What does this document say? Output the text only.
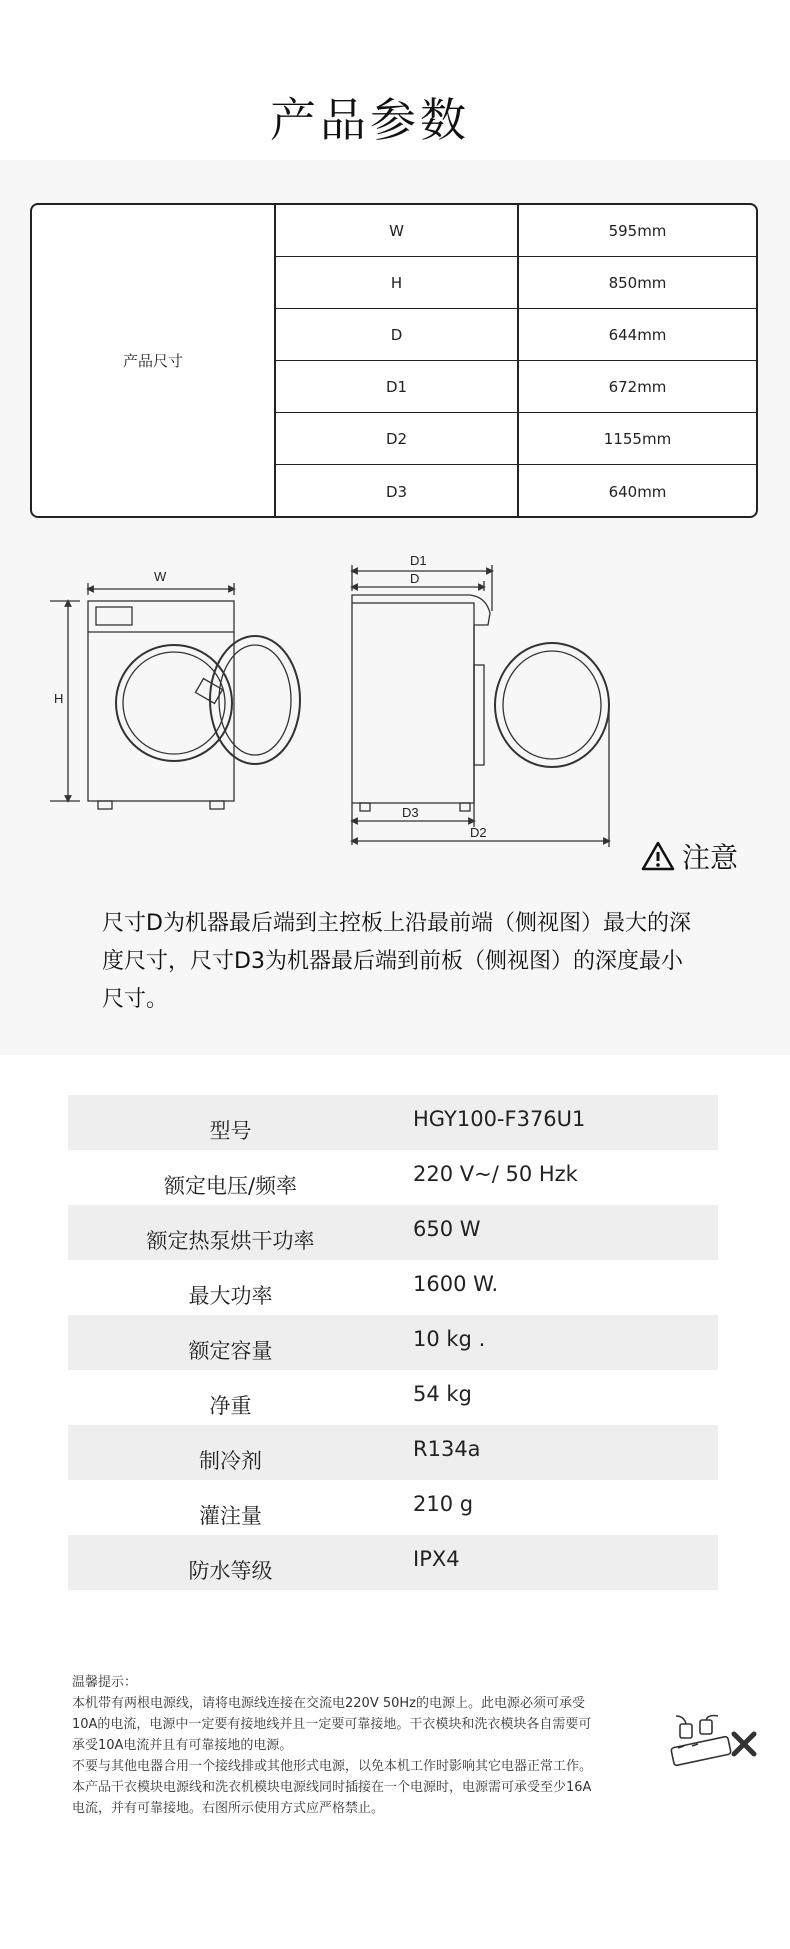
产品参数
产品尺寸
W	595mm
H	850mm
D	644mm
D1	672mm
D2	1155mm
D3	640mm
W
H
D1
D
D3
D2
注意
尺寸D为机器最后端到主控板上沿最前端（侧视图）最大的深度尺寸，尺寸D3为机器最后端到前板（侧视图）的深度最小尺寸。
型号	HGY100-F376U1
额定电压/频率	220 V~/ 50 Hzk
额定热泵烘干功率	650 W
最大功率	1600 W.
额定容量	10 kg .
净重	54 kg
制冷剂	R134a
灌注量	210 g
防水等级	IPX4

温馨提示：

本机带有两根电源线，请将电源线连接在交流电220V 50Hz的电源上。此电源必须可承受

10A的电流，电源中一定要有接地线并且一定要可靠接地。干衣模块和洗衣模块各自需要可

承受10A电流并且有可靠接地的电源。

不要与其他电器合用一个接线排或其他形式电源，以免本机工作时影响其它电器正常工作。

本产品干衣模块电源线和洗衣机模块电源线同时插接在一个电源时，电源需可承受至少16A

电流，并有可靠接地。右图所示使用方式应严格禁止。
